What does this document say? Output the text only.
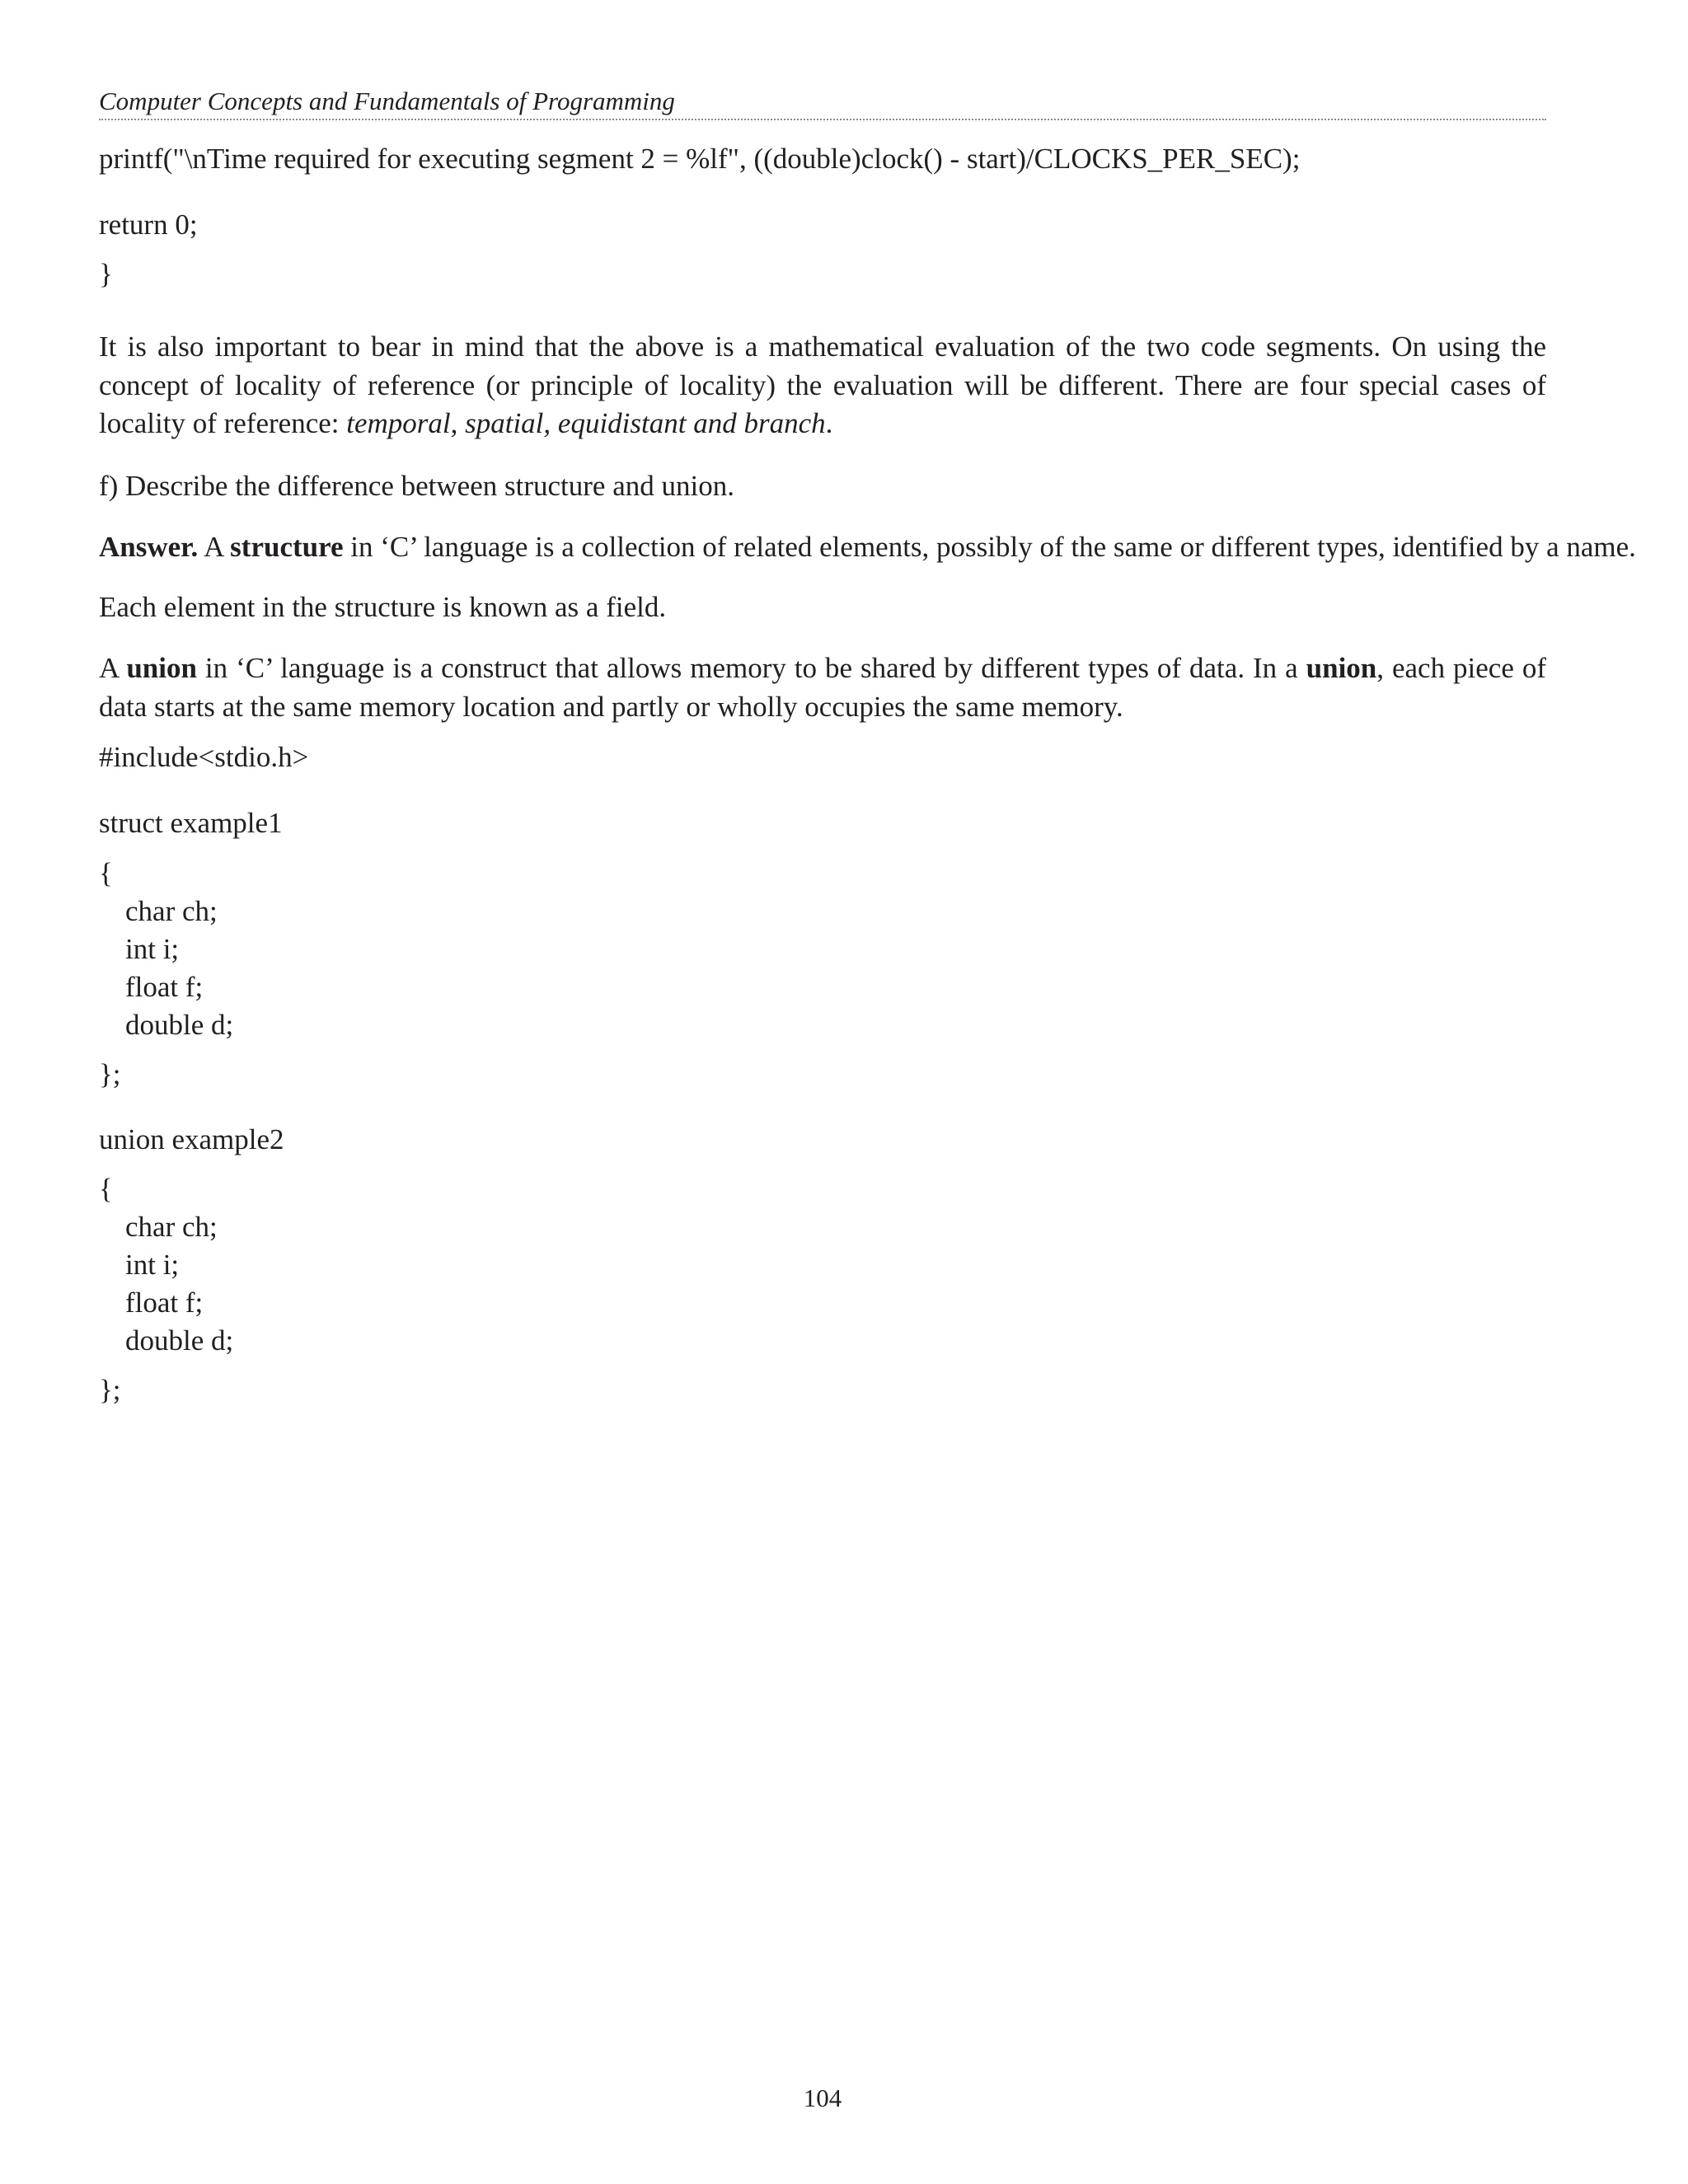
Computer Concepts and Fundamentals of Programming
printf("\nTime required for executing segment 2 = %lf", ((double)clock() - start)/CLOCKS_PER_SEC);
return 0;
}
It is also important to bear in mind that the above is a mathematical evaluation of the two code segments. On using the concept of locality of reference (or principle of locality) the evaluation will be different. There are four special cases of locality of reference: temporal, spatial, equidistant and branch.
f) Describe the difference between structure and union.
Answer. A structure in ‘C’ language is a collection of related elements, possibly of the same or different types, identified by a name.
Each element in the structure is known as a field.
A union in ‘C’ language is a construct that allows memory to be shared by different types of data. In a union, each piece of data starts at the same memory location and partly or wholly occupies the same memory.
#include<stdio.h>
struct example1
{
char ch;
int i;
float f;
double d;
};
union example2
{
char ch;
int i;
float f;
double d;
};
104
